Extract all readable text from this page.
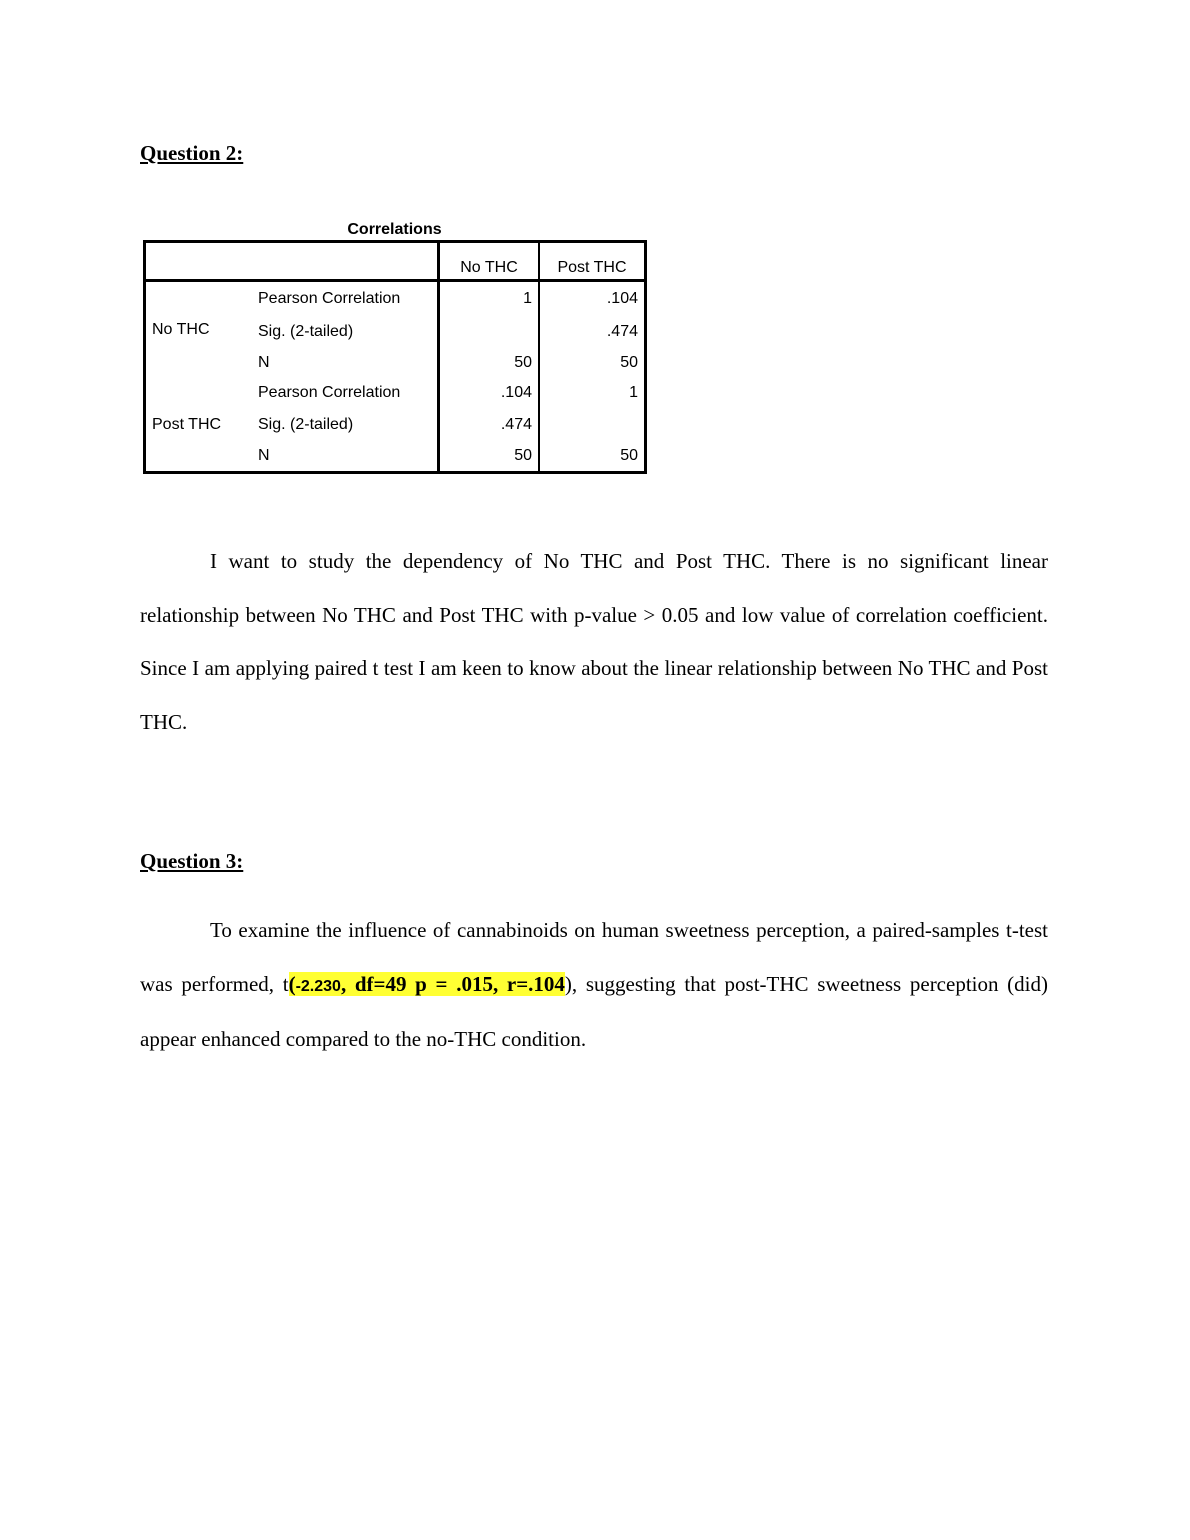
Question 2:
Correlations
		No THC	Post THC
No THC	Pearson Correlation	1	.104
	Sig. (2-tailed)		.474
	N	50	50
Post THC	Pearson Correlation	.104	1
	Sig. (2-tailed)	.474	
	N	50	50

I want to study the dependency of No THC and Post THC. There is no significant linear relationship between No THC and Post THC with p-value > 0.05 and low value of correlation coefficient. Since I am applying paired t test I am keen to know about the linear relationship between No THC and Post THC.

Question 3:

To examine the influence of cannabinoids on human sweetness perception, a paired-samples t-test was performed, t(-2.230, df=49 p = .015, r=.104), suggesting that post-THC sweetness perception (did) appear enhanced compared to the no-THC condition.
